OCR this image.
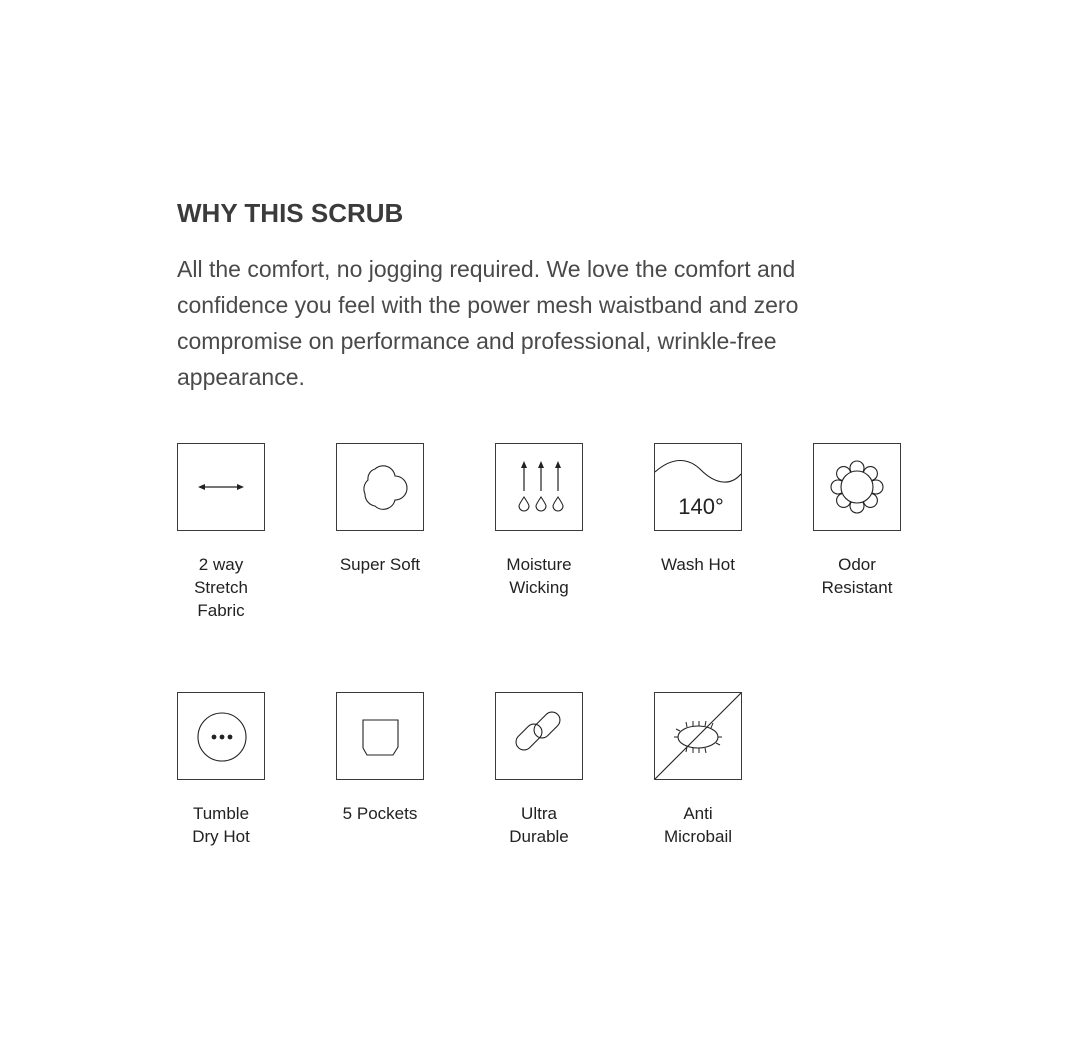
WHY THIS SCRUB

All the comfort, no jogging required. We love the comfort and confidence you feel with the power mesh waistband and zero compromise on performance and professional, wrinkle-free appearance.

2 way
Stretch
Fabric
Super Soft	Moisture
Wicking
140°
Wash Hot	Odor
Resistant
Tumble
Dry Hot
5 Pockets	Ultra
Durable
Anti
Microbail
